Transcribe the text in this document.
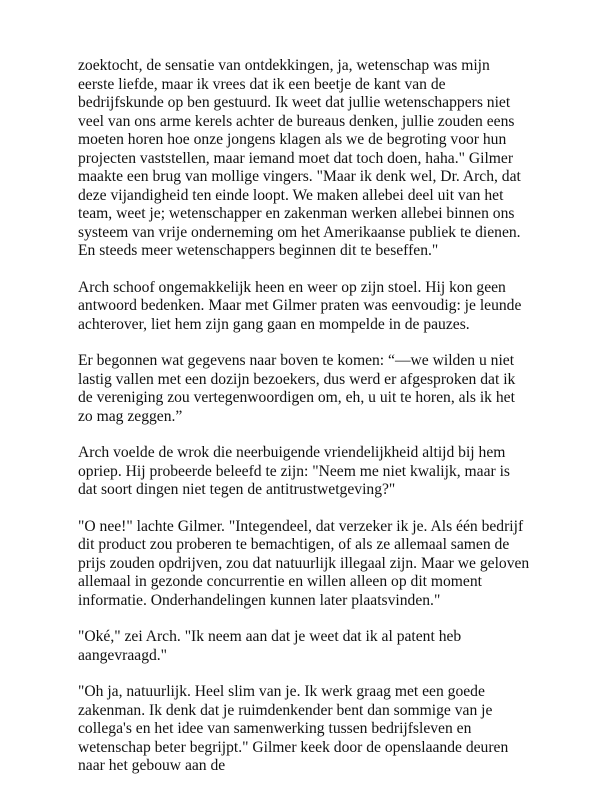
zoektocht, de sensatie van ontdekkingen, ja, wetenschap was mijn eerste liefde, maar ik vrees dat ik een beetje de kant van de bedrijfskunde op ben gestuurd. Ik weet dat jullie wetenschappers niet veel van ons arme kerels achter de bureaus denken, jullie zouden eens moeten horen hoe onze jongens klagen als we de begroting voor hun projecten vaststellen, maar iemand moet dat toch doen, haha." Gilmer maakte een brug van mollige vingers. "Maar ik denk wel, Dr. Arch, dat deze vijandigheid ten einde loopt. We maken allebei deel uit van het team, weet je; wetenschapper en zakenman werken allebei binnen ons systeem van vrije onderneming om het Amerikaanse publiek te dienen. En steeds meer wetenschappers beginnen dit te beseffen."

Arch schoof ongemakkelijk heen en weer op zijn stoel. Hij kon geen antwoord bedenken. Maar met Gilmer praten was eenvoudig: je leunde achterover, liet hem zijn gang gaan en mompelde in de pauzes.

Er begonnen wat gegevens naar boven te komen: “—we wilden u niet lastig vallen met een dozijn bezoekers, dus werd er afgesproken dat ik de vereniging zou vertegenwoordigen om, eh, u uit te horen, als ik het zo mag zeggen.”

Arch voelde de wrok die neerbuigende vriendelijkheid altijd bij hem opriep. Hij probeerde beleefd te zijn: "Neem me niet kwalijk, maar is dat soort dingen niet tegen de antitrustwetgeving?"

"O nee!" lachte Gilmer. "Integendeel, dat verzeker ik je. Als één bedrijf dit product zou proberen te bemachtigen, of als ze allemaal samen de prijs zouden opdrijven, zou dat natuurlijk illegaal zijn. Maar we geloven allemaal in gezonde concurrentie en willen alleen op dit moment informatie. Onderhandelingen kunnen later plaatsvinden."

"Oké," zei Arch. "Ik neem aan dat je weet dat ik al patent heb aangevraagd."

"Oh ja, natuurlijk. Heel slim van je. Ik werk graag met een goede zakenman. Ik denk dat je ruimdenkender bent dan sommige van je collega's en het idee van samenwerking tussen bedrijfsleven en wetenschap beter begrijpt." Gilmer keek door de openslaande deuren naar het gebouw aan de
